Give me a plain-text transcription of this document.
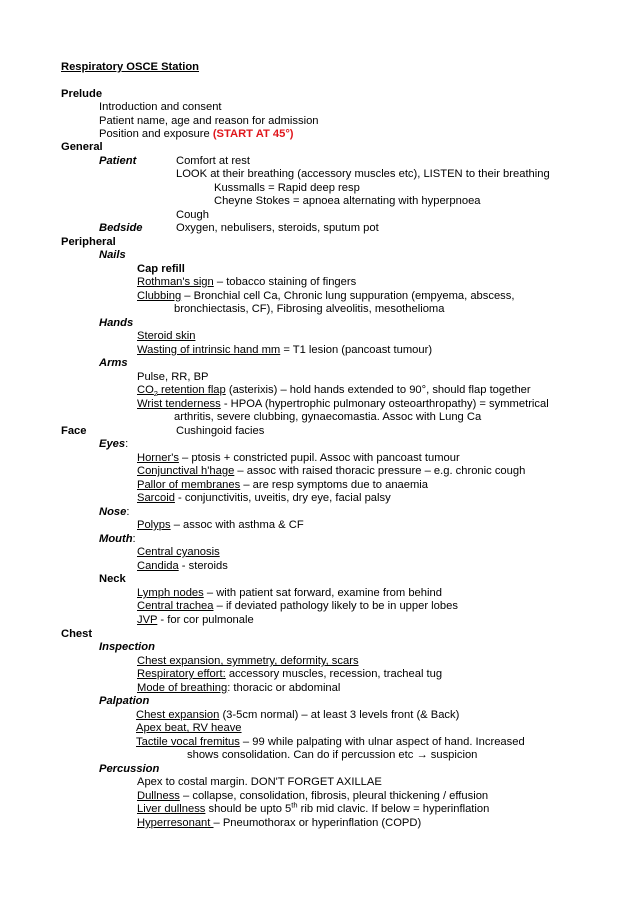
Respiratory OSCE Station
Prelude
Introduction and consent
Patient name, age and reason for admission
Position and exposure (START AT 45°)
General
Patient	Comfort at rest
LOOK at their breathing (accessory muscles etc), LISTEN to their breathing
Kussmalls = Rapid deep resp
Cheyne Stokes = apnoea alternating with hyperpnoea
Cough
Bedside	Oxygen, nebulisers, steroids, sputum pot
Peripheral
Nails
Cap refill
Rothman's sign – tobacco staining of fingers
Clubbing – Bronchial cell Ca, Chronic lung suppuration (empyema, abscess,
bronchiectasis, CF), Fibrosing alveolitis, mesothelioma
Hands
Steroid skin
Wasting of intrinsic hand mm = T1 lesion (pancoast tumour)
Arms
Pulse, RR, BP
$CO_2$ retention flap (asterixis) – hold hands extended to 90°, should flap together
Wrist tenderness - HPOA (hypertrophic pulmonary osteoarthropathy) = symmetrical
arthritis, severe clubbing, gynaecomastia. Assoc with Lung Ca
Face	Cushingoid facies
Eyes:
Horner's – ptosis + constricted pupil. Assoc with pancoast tumour
Conjunctival h'hage – assoc with raised thoracic pressure – e.g. chronic cough
Pallor of membranes – are resp symptoms due to anaemia
Sarcoid - conjunctivitis, uveitis, dry eye, facial palsy
Nose:
Polyps – assoc with asthma & CF
Mouth:
Central cyanosis
Candida - steroids
Neck
Lymph nodes – with patient sat forward, examine from behind
Central trachea – if deviated pathology likely to be in upper lobes
JVP - for cor pulmonale
Chest
Inspection
Chest expansion, symmetry, deformity, scars
Respiratory effort: accessory muscles, recession, tracheal tug
Mode of breathing: thoracic or abdominal
Palpation
Chest expansion (3-5cm normal) – at least 3 levels front (& Back)
Apex beat, RV heave
Tactile vocal fremitus – 99 while palpating with ulnar aspect of hand. Increased
shows consolidation. Can do if percussion etc → suspicion
Percussion
Apex to costal margin. DON'T FORGET AXILLAE
Dullness – collapse, consolidation, fibrosis, pleural thickening / effusion
Liver dullness should be upto 5th rib mid clavic. If below = hyperinflation
Hyperresonant – Pneumothorax or hyperinflation (COPD)
